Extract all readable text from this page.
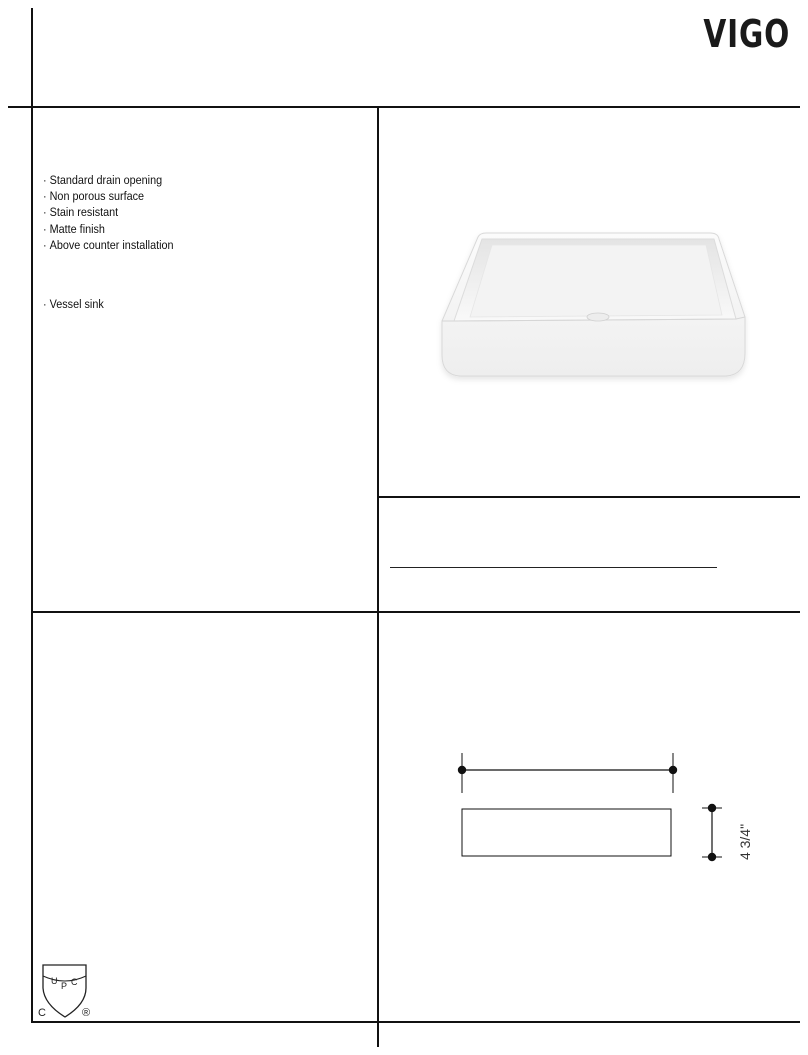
VIGO
· Standard drain opening
· Non porous surface
· Stain resistant
· Matte finish
· Above counter installation
· Vessel sink
4 3/4"
U P C
C	®
